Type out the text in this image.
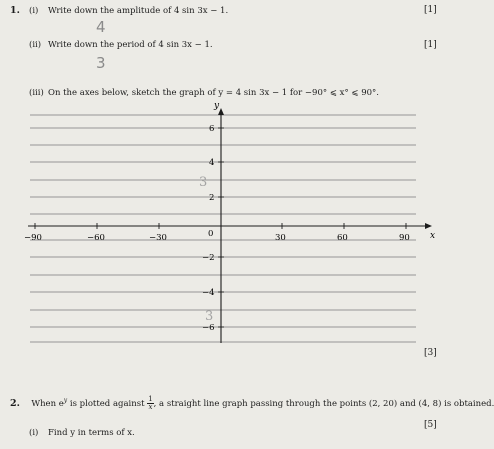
1. (i) Write down the amplitude of 4 sin 3x − 1.	[1]
4
(ii) Write down the period of 4 sin 3x − 1.	[1]
3
(iii) On the axes below, sketch the graph of y = 4 sin 3x − 1 for −90° ⩽ x° ⩽ 90°.
y
x
−90	−60	−30	0	30	60	90
6
4
2
−2
−4
−6
3
3
[3]
2. When $e^y$ is plotted against $\frac{1}{x}$ , a straight line graph passing through the points (2, 20) and (4, 8) is obtained.
(i) Find y in terms of x.
[5]
